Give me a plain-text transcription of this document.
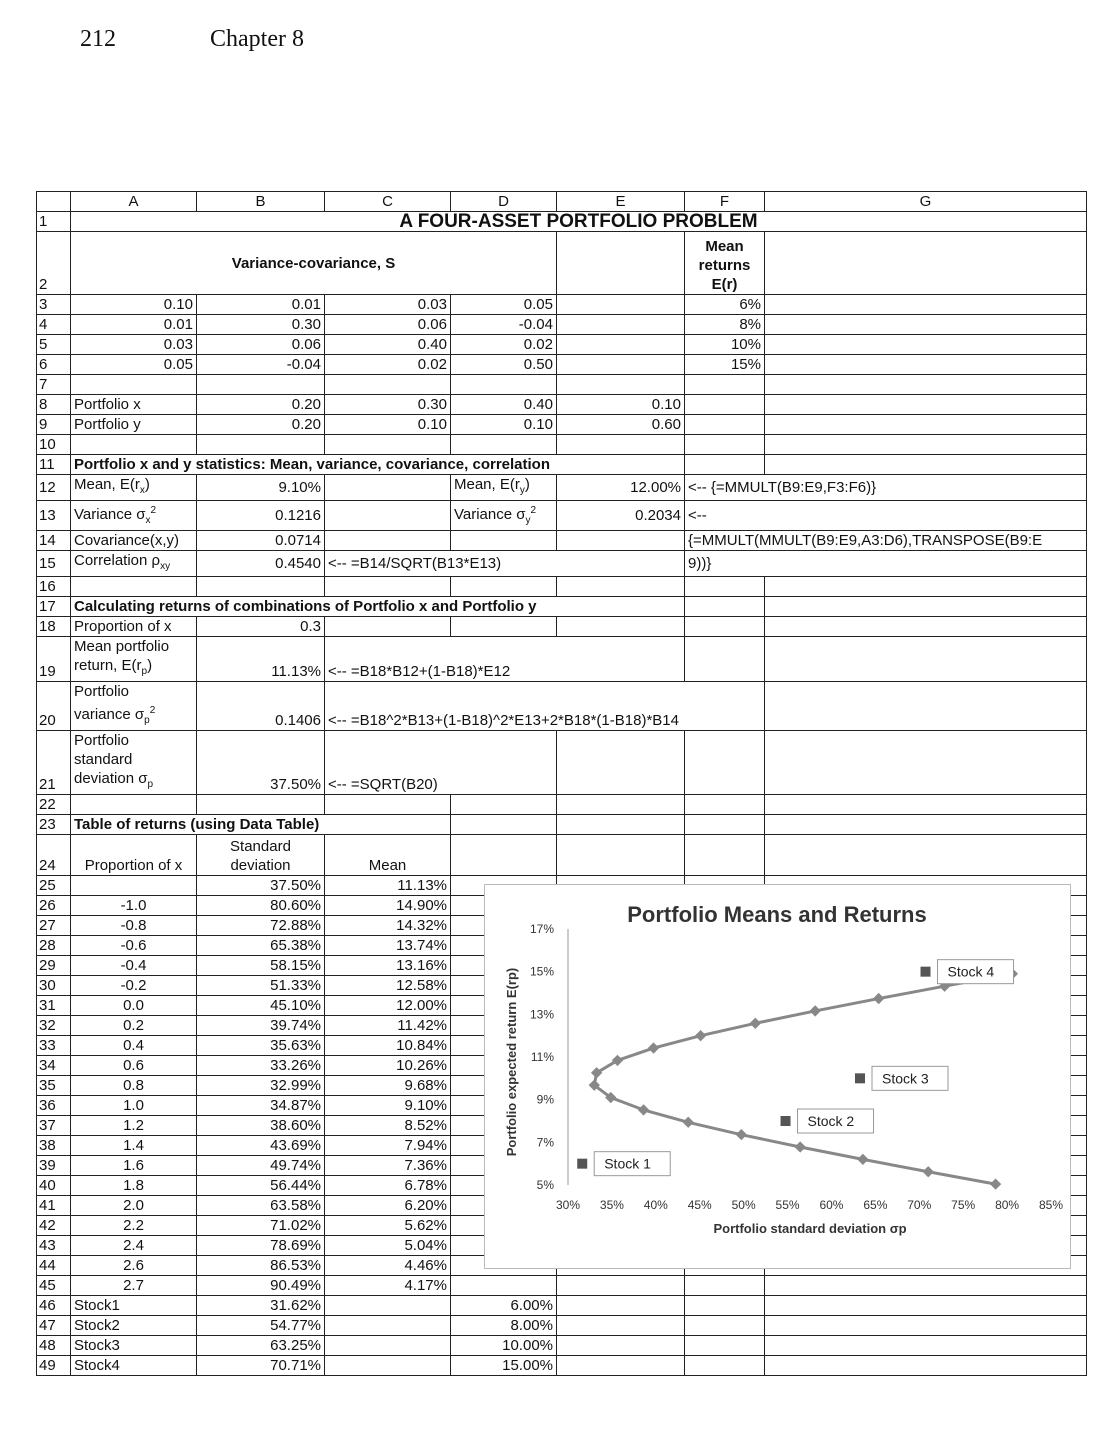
212	Chapter 8
	A	B	C	D	E	F	G
1	A FOUR-ASSET PORTFOLIO PROBLEM						
2	Variance-covariance, S					Mean
returns
E(r)	
3	0.10	0.01	0.03	0.05		6%	
4	0.01	0.30	0.06	-0.04		8%	
5	0.03	0.06	0.40	0.02		10%	
6	0.05	-0.04	0.02	0.50		15%	
7							
8	Portfolio x	0.20	0.30	0.40	0.10		
9	Portfolio y	0.20	0.10	0.10	0.60		
10							
11	Portfolio x and y statistics: Mean, variance, covariance, correlation						
12	Mean, $E(r_x)$	9.10%		Mean, $E(r_y)$	12.00%	<-- {=MMULT(B9:E9,F3:F6)}	
13	Variance $\sigma_x^2$	0.1216		Variance $\sigma_y^2$	0.2034	<--	
14	Covariance(x,y)	0.0714				{=MMULT(MMULT(B9:E9,A3:D6),TRANSPOSE(B9:E	
15	Correlation $\rho_{xy}$	0.4540	<-- =B14/SQRT(B13*E13)			9))}	
16							
17	Calculating returns of combinations of Portfolio x and Portfolio y						
18	Proportion of x	0.3					
19	Mean portfolio
return, $E(r_p)$	11.13%	<-- =B18*B12+(1-B18)*E12				
20	Portfolio
variance $\sigma_p^2$	0.1406	<-- =B18^2*B13+(1-B18)^2*E13+2*B18*(1-B18)*B14				
21	Portfolio
standard
deviation $\sigma_p$	37.50%	<-- =SQRT(B20)				
22							
23	Table of returns (using Data Table)						
24	Proportion of x	Standard
deviation	Mean				
25		37.50%	11.13%				
26	-1.0	80.60%	14.90%				
27	-0.8	72.88%	14.32%				
28	-0.6	65.38%	13.74%				
29	-0.4	58.15%	13.16%				
30	-0.2	51.33%	12.58%				
31	0.0	45.10%	12.00%				
32	0.2	39.74%	11.42%				
33	0.4	35.63%	10.84%				
34	0.6	33.26%	10.26%				
35	0.8	32.99%	9.68%				
36	1.0	34.87%	9.10%				
37	1.2	38.60%	8.52%				
38	1.4	43.69%	7.94%				
39	1.6	49.74%	7.36%				
40	1.8	56.44%	6.78%				
41	2.0	63.58%	6.20%				
42	2.2	71.02%	5.62%				
43	2.4	78.69%	5.04%				
44	2.6	86.53%	4.46%				
45	2.7	90.49%	4.17%				
46	Stock1	31.62%		6.00%			
47	Stock2	54.77%		8.00%			
48	Stock3	63.25%		10.00%			
49	Stock4	70.71%		15.00%			
Portfolio Means and Returns
5%
7%
9%
11%
13%
15%
17%
30% 35% 40% 45% 50% 55% 60% 65% 70% 75% 80% 85%
Portfolio standard deviation σp
Portfolio expected return E(rp)
Stock 1
Stock 2
Stock 3
Stock 4
